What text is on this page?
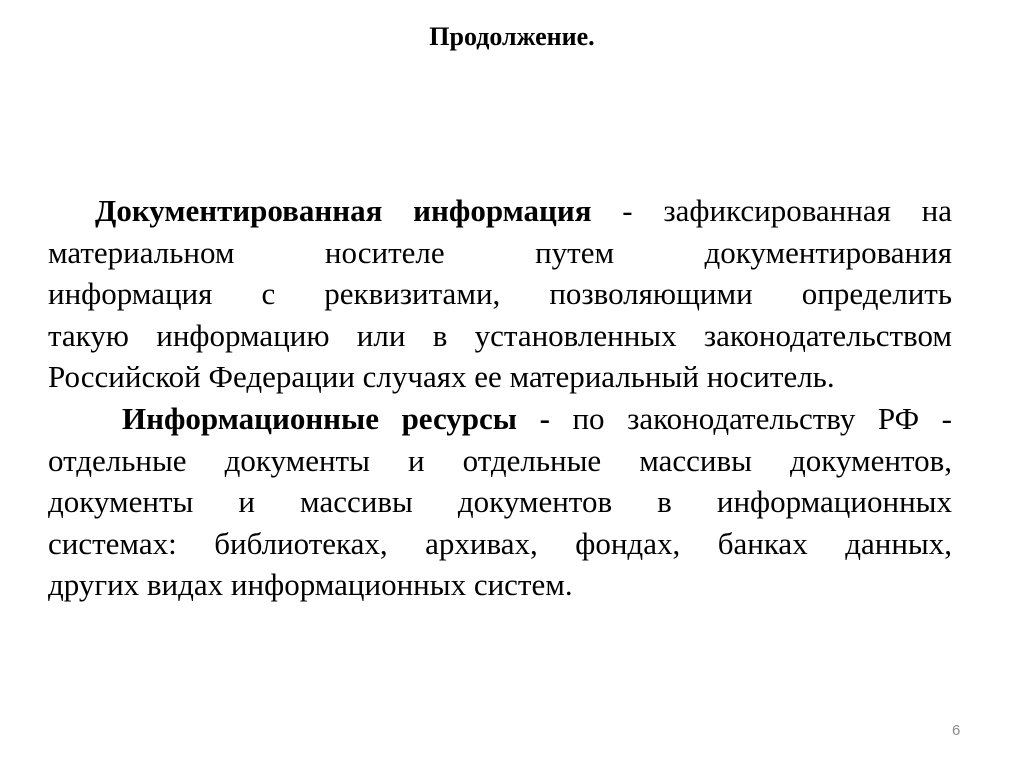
Продолжение.
Документированная информация - зафиксированная на
материальном носителе путем документирования
информация с реквизитами, позволяющими определить
такую информацию или в установленных законодательством
Российской Федерации случаях ее материальный носитель.
Информационные ресурсы - по законодательству РФ -
отдельные документы и отдельные массивы документов,
документы и массивы документов в информационных
системах: библиотеках, архивах, фондах, банках данных,
других видах информационных систем.
6
